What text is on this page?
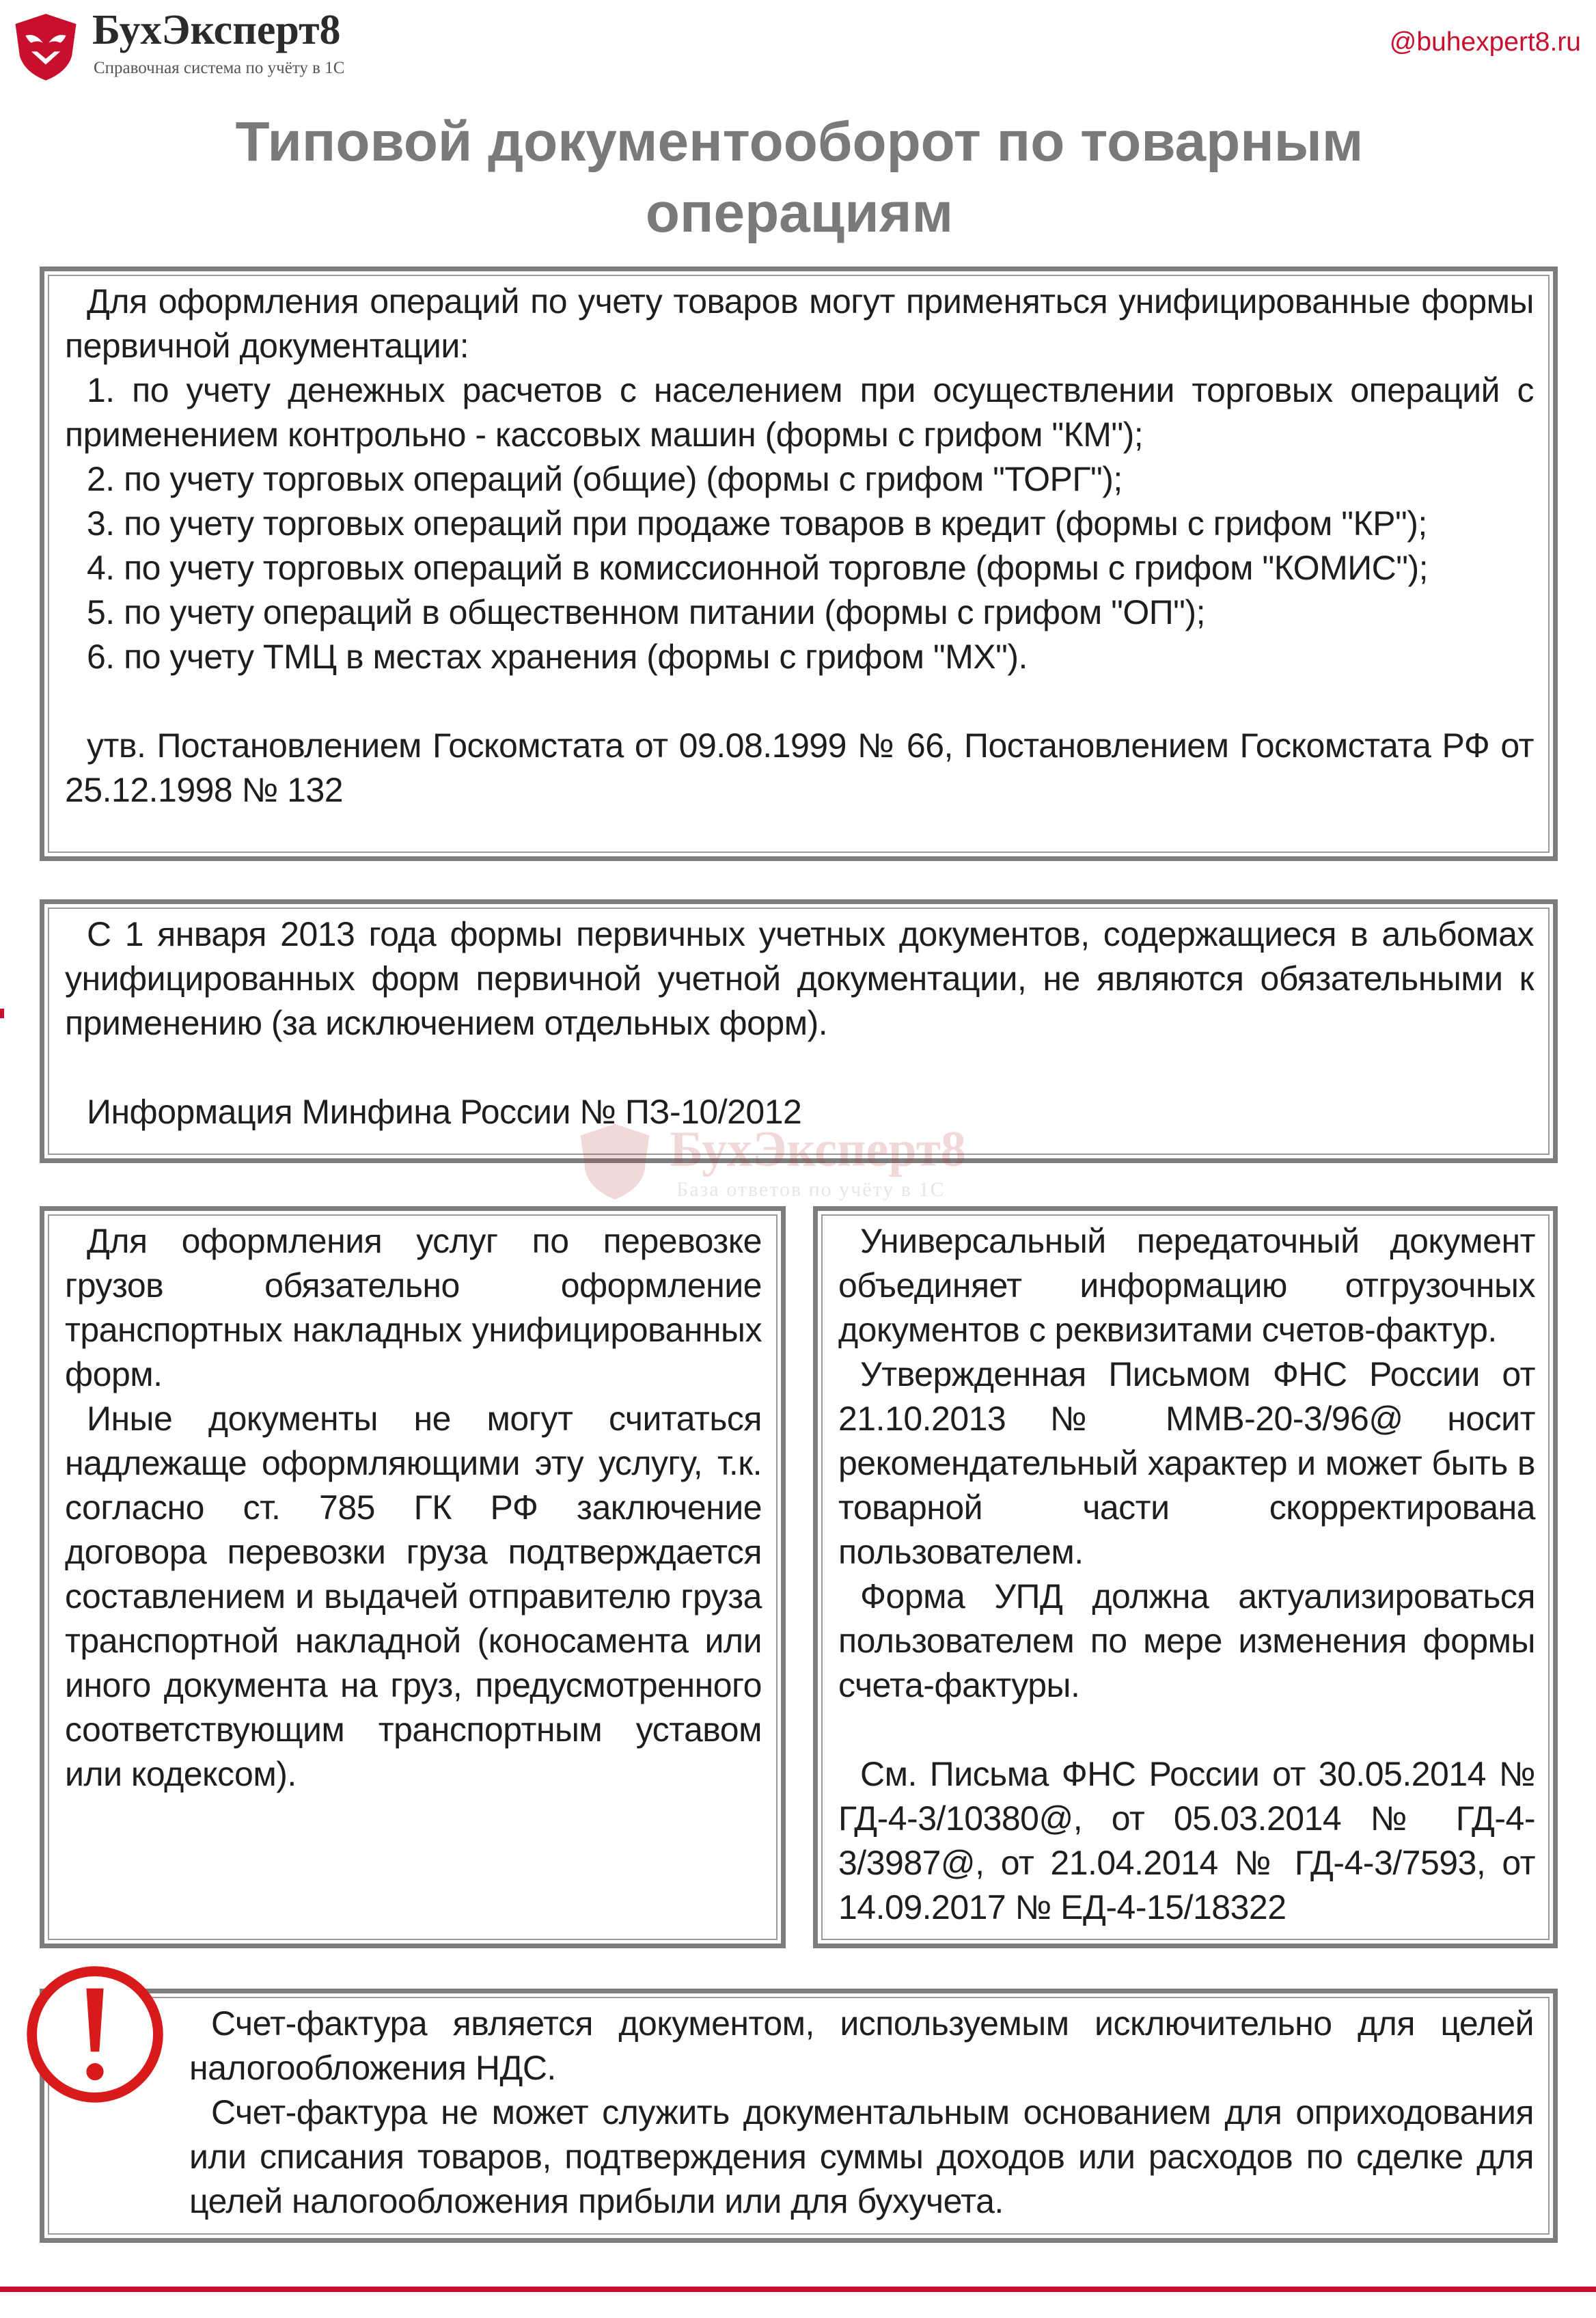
БухЭксперт8
Справочная система по учёту в 1С
@buhexpert8.ru
Типовой документооборот по товарным операциям

Для оформления операций по учету товаров могут применяться унифицированные формы первичной документации:

1. по учету денежных расчетов с населением при осуществлении торговых операций с применением контрольно - кассовых машин (формы с грифом "КМ");

2. по учету торговых операций (общие) (формы с грифом "ТОРГ");

3. по учету торговых операций при продаже товаров в кредит (формы с грифом "КР");

4. по учету торговых операций в комиссионной торговле (формы с грифом "КОМИС");

5. по учету операций в общественном питании (формы с грифом "ОП");

6. по учету ТМЦ в местах хранения (формы с грифом "МХ").

утв. Постановлением Госкомстата от 09.08.1999 № 66, Постановлением Госкомстата РФ от 25.12.1998 № 132

С 1 января 2013 года формы первичных учетных документов, содержащиеся в альбомах унифицированных форм первичной учетной документации, не являются обязательными к применению (за исключением отдельных форм).

Информация Минфина России № ПЗ-10/2012

База ответов по учёту в 1С

Для оформления услуг по перевозке грузов обязательно оформление транспортных накладных унифицированных форм.

Иные документы не могут считаться надлежаще оформляющими эту услугу, т.к. согласно ст. 785 ГК РФ заключение договора перевозки груза подтверждается составлением и выдачей отправителю груза транспортной накладной (коносамента или иного документа на груз, предусмотренного соответствующим транспортным уставом или кодексом).

Универсальный передаточный документ объединяет информацию отгрузочных документов с реквизитами счетов-фактур.

Утвержденная Письмом ФНС России от 21.10.2013 № ММВ-20-3/96@ носит рекомендательный характер и может быть в товарной части скорректирована пользователем.

Форма УПД должна актуализироваться пользователем по мере изменения формы счета-фактуры.

См. Письма ФНС России от 30.05.2014 № ГД-4-3/10380@, от 05.03.2014 № ГД-4-3/3987@, от 21.04.2014 № ГД-4-3/7593, от 14.09.2017 № ЕД-4-15/18322

Счет-фактура является документом, используемым исключительно для целей налогообложения НДС.

Счет-фактура не может служить документальным основанием для оприходования или списания товаров, подтверждения суммы доходов или расходов по сделке для целей налогообложения прибыли или для бухучета.
